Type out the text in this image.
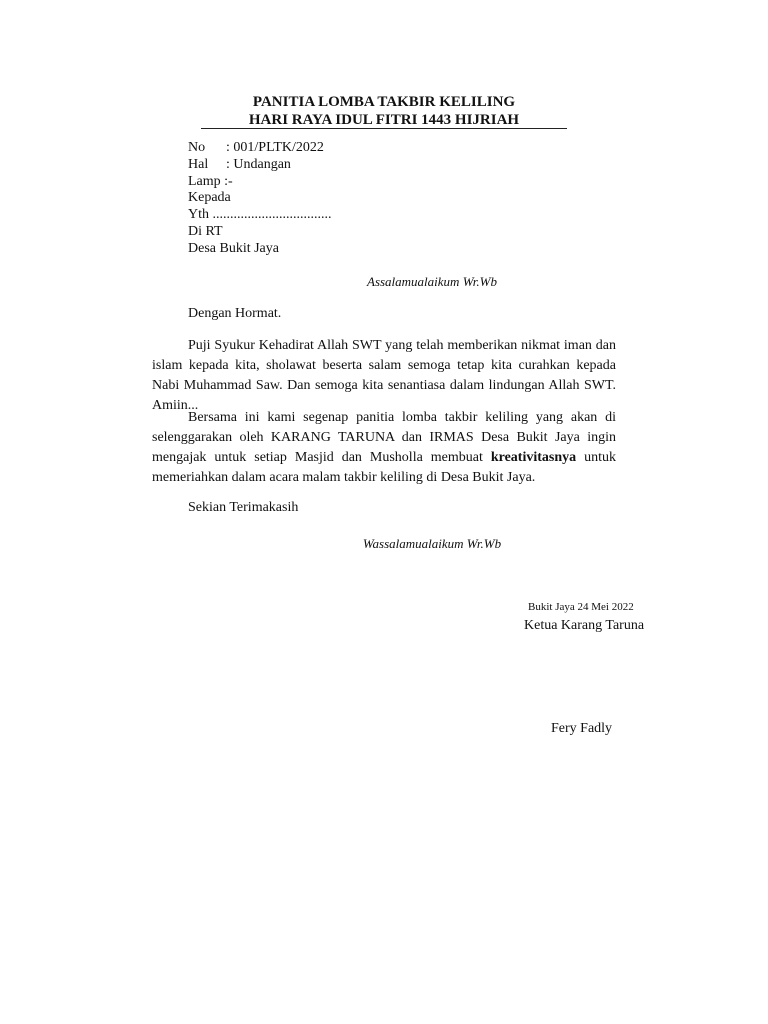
PANITIA LOMBA TAKBIR KELILING
HARI RAYA IDUL FITRI 1443 HIJRIAH
No : 001/PLTK/2022
Hal : Undangan
Lamp :-
Kepada
Yth ..................................
Di RT
Desa Bukit Jaya
Assalamualaikum Wr.Wb
Dengan Hormat.

Puji Syukur Kehadirat Allah SWT yang telah memberikan nikmat iman dan islam kepada kita, sholawat beserta salam semoga tetap kita curahkan kepada Nabi Muhammad Saw. Dan semoga kita senantiasa dalam lindungan Allah SWT. Amiin...

Bersama ini kami segenap panitia lomba takbir keliling yang akan di selenggarakan oleh KARANG TARUNA dan IRMAS Desa Bukit Jaya ingin mengajak untuk setiap Masjid dan Musholla membuat kreativitasnya untuk memeriahkan dalam acara malam takbir keliling di Desa Bukit Jaya.

Sekian Terimakasih
Wassalamualaikum Wr.Wb
Bukit Jaya 24 Mei 2022
Ketua Karang Taruna
Fery Fadly
